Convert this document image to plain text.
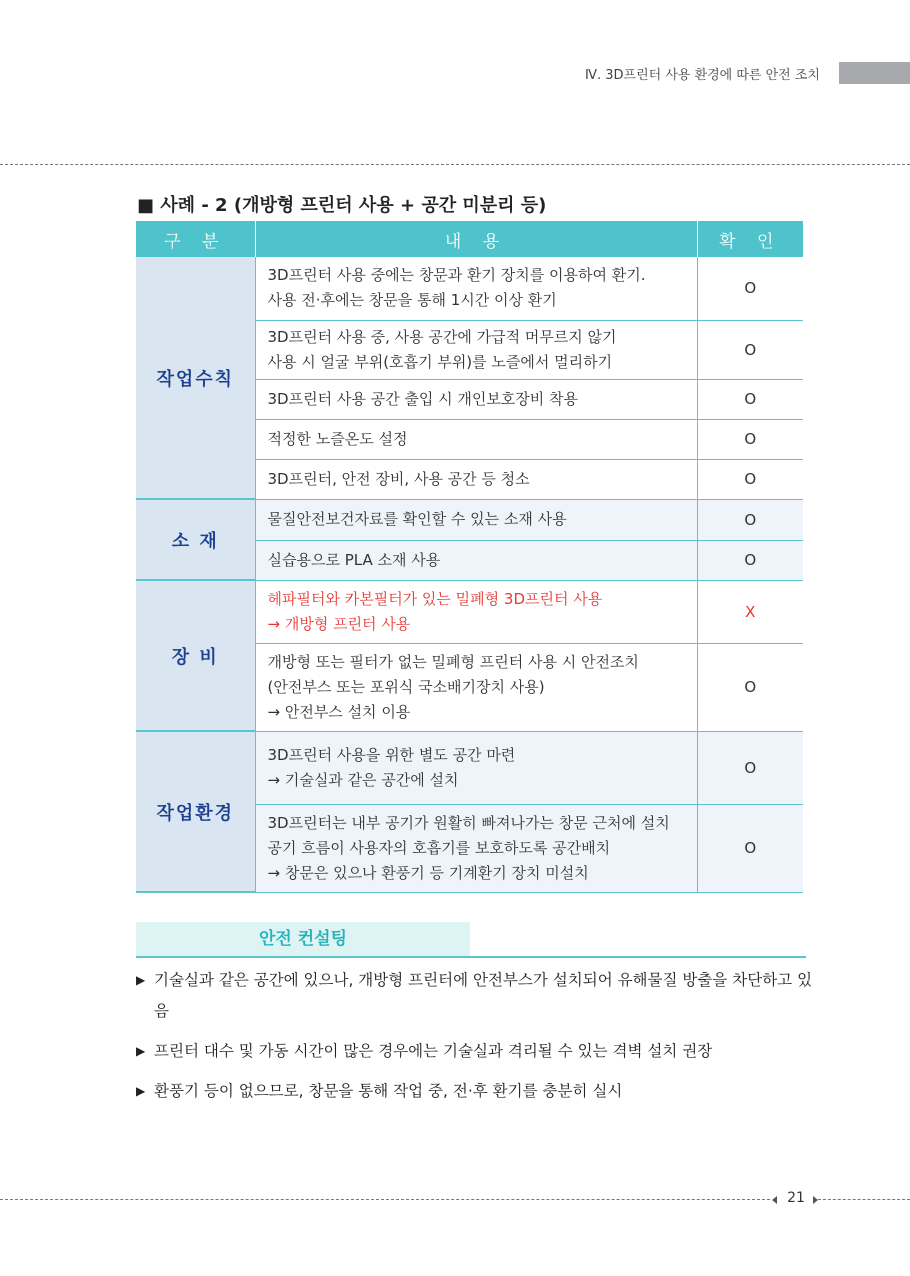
Ⅳ. 3D프린터 사용 환경에 따른 안전 조치
■ 사례 - 2 (개방형 프린터 사용 + 공간 미분리 등)
구 분	내 용	확 인
작업수칙	3D프린터 사용 중에는 창문과 환기 장치를 이용하여 환기.
사용 전·후에는 창문을 통해 1시간 이상 환기	O

	3D프린터 사용 중, 사용 공간에 가급적 머무르지 않기
사용 시 얼굴 부위(호흡기 부위)를 노즐에서 멀리하기	O

	3D프린터 사용 공간 출입 시 개인보호장비 착용	O

	적정한 노즐온도 설정	O

	3D프린터, 안전 장비, 사용 공간 등 청소	O
소 재	물질안전보건자료를 확인할 수 있는 소재 사용	O

	실습용으로 PLA 소재 사용	O
장 비	헤파필터와 카본필터가 있는 밀폐형 3D프린터 사용
→ 개방형 프린터 사용	X

	개방형 또는 필터가 없는 밀폐형 프린터 사용 시 안전조치
(안전부스 또는 포위식 국소배기장치 사용)
→ 안전부스 설치 이용	O
작업환경	3D프린터 사용을 위한 별도 공간 마련
→ 기술실과 같은 공간에 설치	O

	3D프린터는 내부 공기가 원활히 빠져나가는 창문 근처에 설치
공기 흐름이 사용자의 호흡기를 보호하도록 공간배치
→ 창문은 있으나 환풍기 등 기계환기 장치 미설치	O
안전 컨설팅
▶ 기술실과 같은 공간에 있으나, 개방형 프린터에 안전부스가 설치되어 유해물질 방출을 차단하고 있음
▶ 프린터 대수 및 가동 시간이 많은 경우에는 기술실과 격리될 수 있는 격벽 설치 권장
▶ 환풍기 등이 없으므로, 창문을 통해 작업 중, 전·후 환기를 충분히 실시
21
